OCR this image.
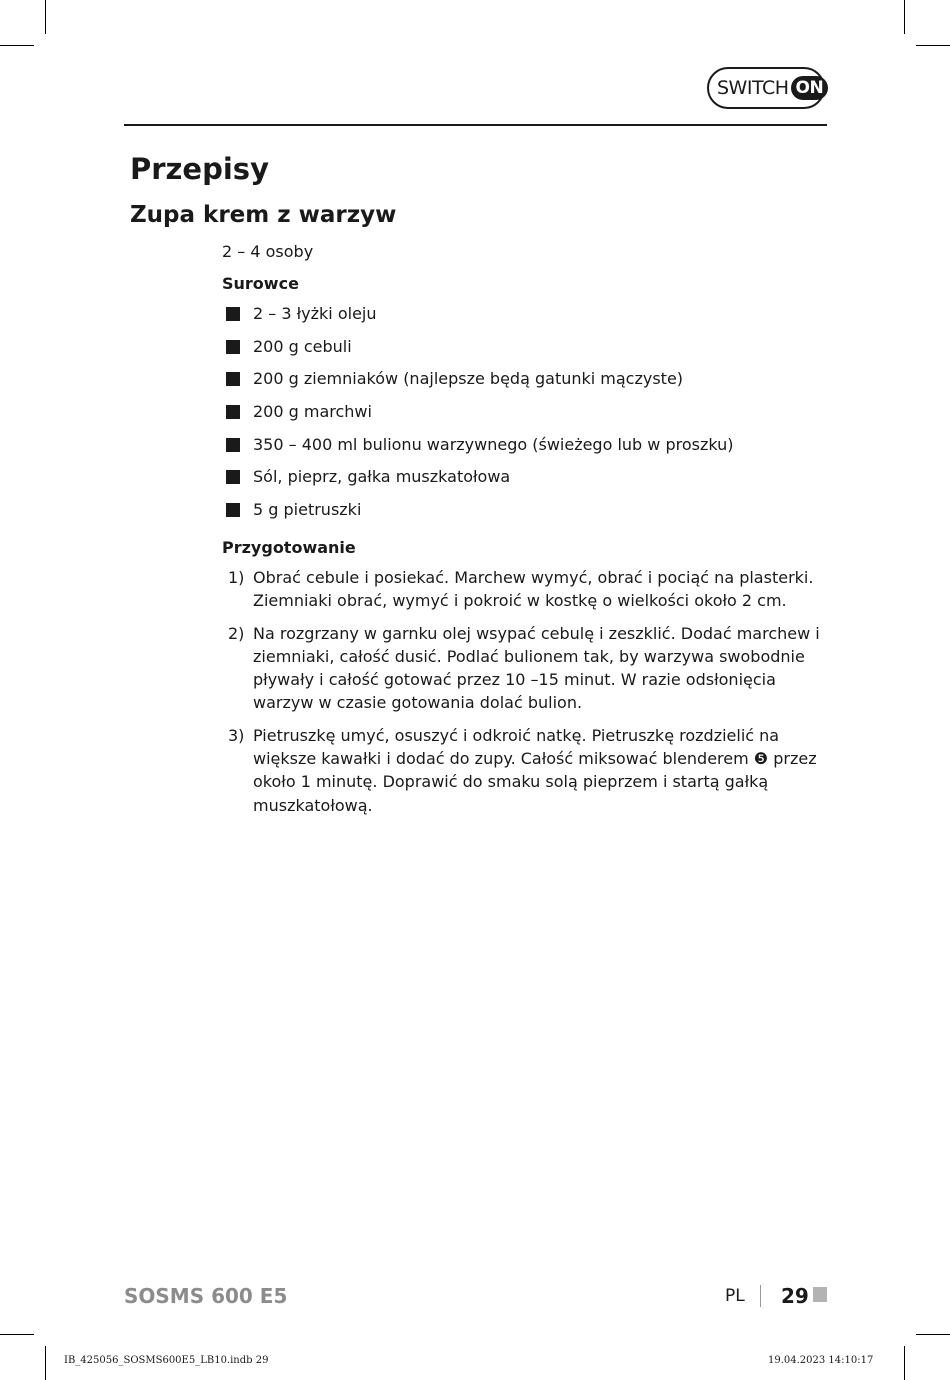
SWITCH ON
Przepisy
Zupa krem z warzyw
2 – 4 osoby
Surowce
2 – 3 łyżki oleju
200 g cebuli
200 g ziemniaków (najlepsze będą gatunki mączyste)
200 g marchwi
350 – 400 ml bulionu warzywnego (świeżego lub w proszku)
Sól, pieprz, gałka muszkatołowa
5 g pietruszki
Przygotowanie
1) Obrać cebule i posiekać. Marchew wymyć, obrać i pociąć na plasterki. Ziemniaki obrać, wymyć i pokroić w kostkę o wielkości około 2 cm.
2) Na rozgrzany w garnku olej wsypać cebulę i zeszklić. Dodać marchew i ziemniaki, całość dusić. Podlać bulionem tak, by warzywa swobodnie pływały i całość gotować przez 10 –15 minut. W razie odsłonięcia warzyw w czasie gotowania dolać bulion.
3) Pietruszkę umyć, osuszyć i odkroić natkę. Pietruszkę rozdzielić na większe kawałki i dodać do zupy. Całość miksować blenderem ❺ przez około 1 minutę. Doprawić do smaku solą pieprzem i startą gałką muszkatołową.
SOSMS 600 E5	PL 29
IB_425056_SOSMS600E5_LB10.indb 29	19.04.2023 14:10:17
